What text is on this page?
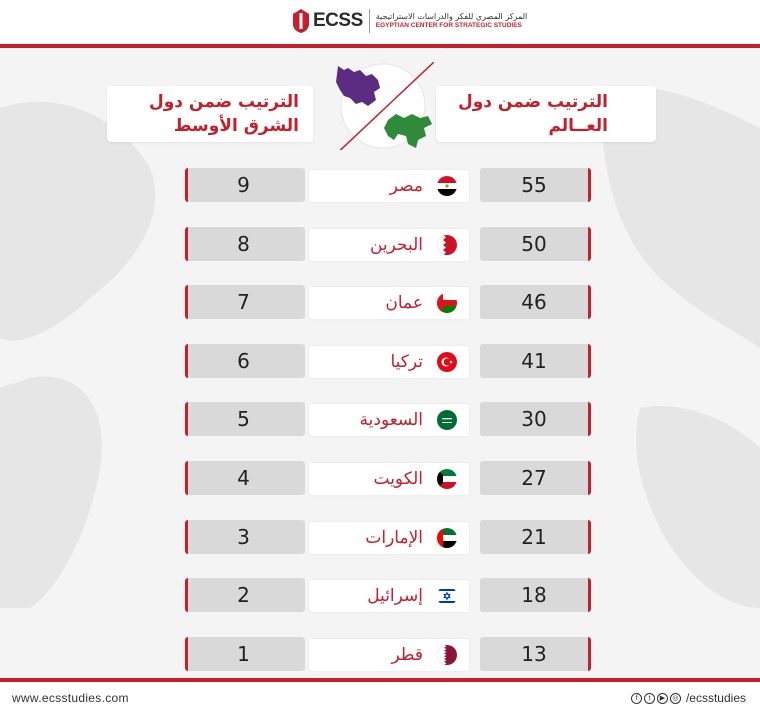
ECSS المركز المصري للفكر والدراسات الاستراتيجية
EGYPTIAN CENTER FOR STRATEGIC STUDIES
الترتيب ضمن دول
الشرق الأوسط
الترتيب ضمن دول
العــالم
9	مصر	55
8	البحرين	50
7	عمان	46
6	تركيا	41
5	السعودية	30
4	الكويت	27
3	الإمارات	21
2	إسرائيل	18
1	قطر	13
www.ecsstudies.com	f	t	▶	◎ /ecsstudies
